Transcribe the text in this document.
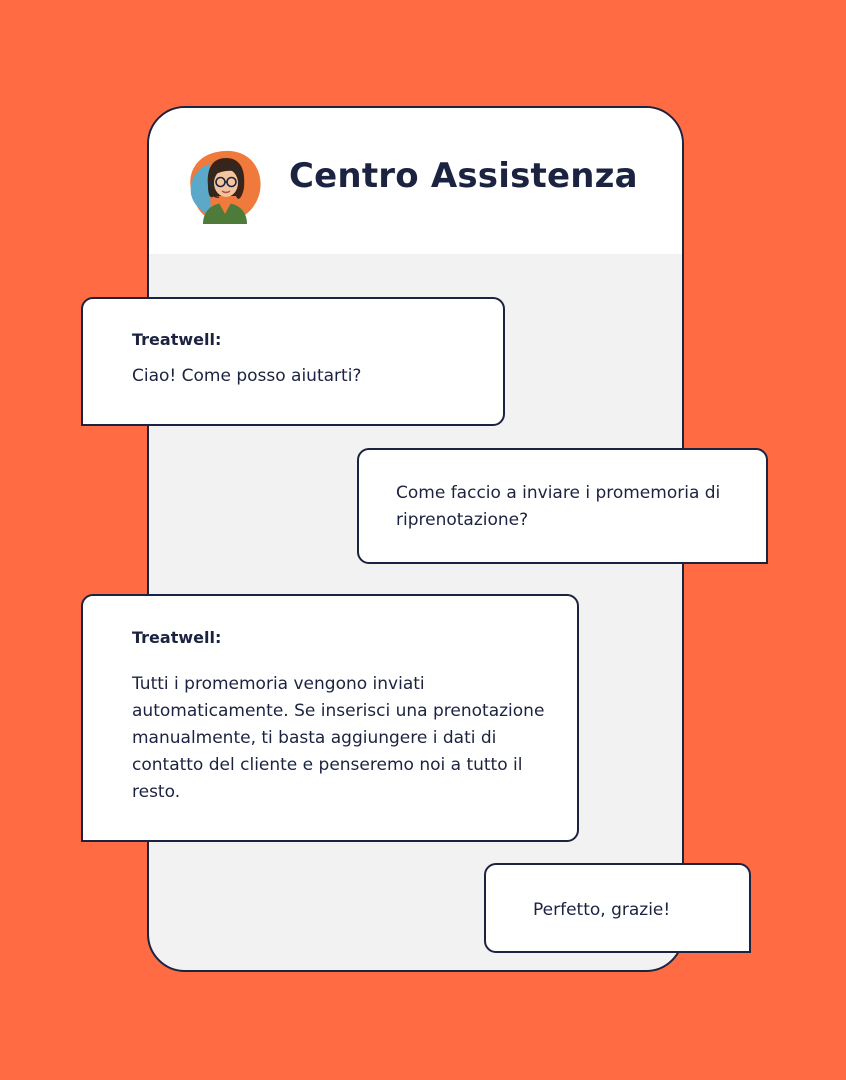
Centro Assistenza
Treatwell:
Ciao! Come posso aiutarti?
Come faccio a inviare i promemoria di riprenotazione?
Treatwell:
Tutti i promemoria vengono inviati automaticamente. Se inserisci una prenotazione manualmente, ti basta aggiungere i dati di contatto del cliente e penseremo noi a tutto il resto.
Perfetto, grazie!
